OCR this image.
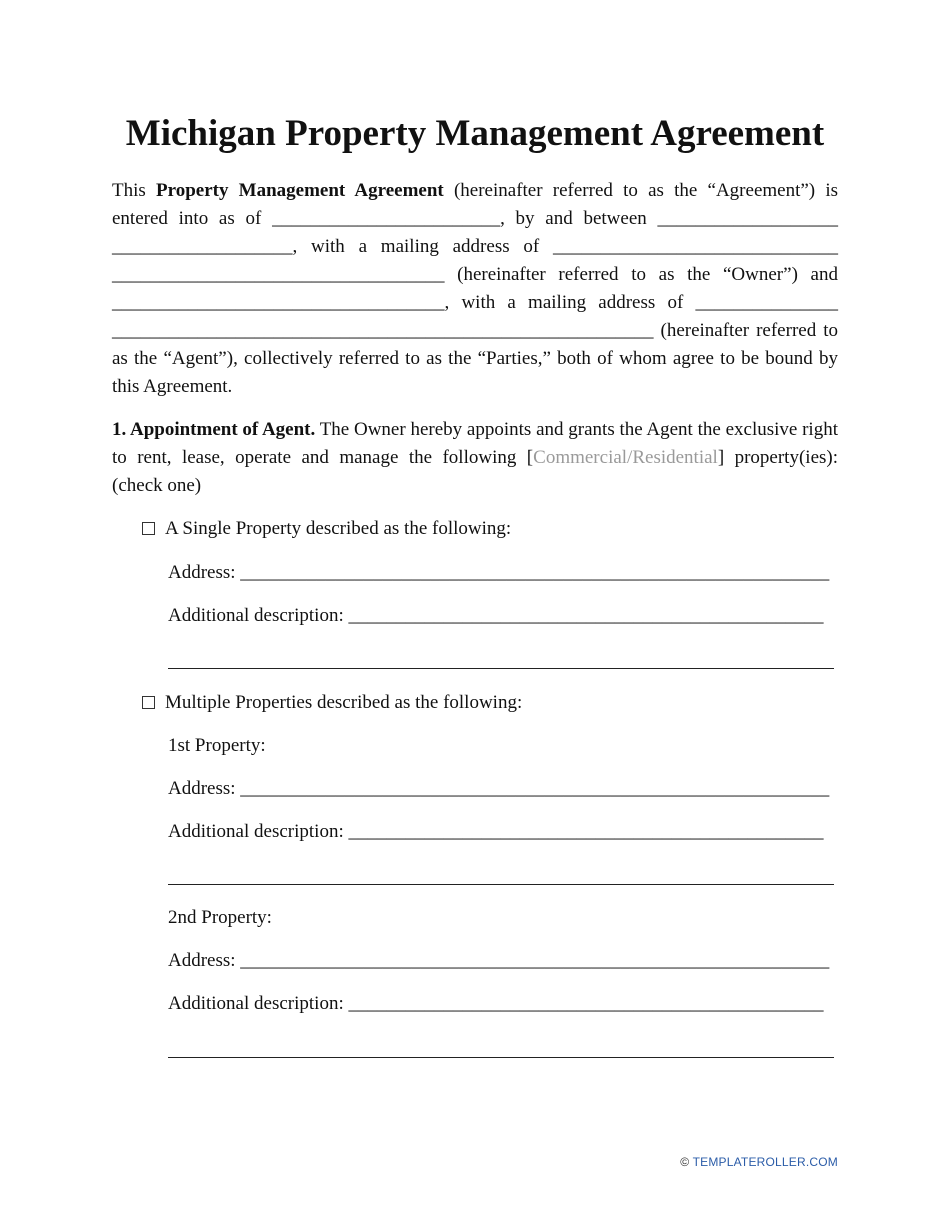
Michigan Property Management Agreement

This Property Management Agreement (hereinafter referred to as the “Agreement”) is entered into as of ________________________, by and between ___________________ ___________________, with a mailing address of ______________________________ ___________________________________ (hereinafter referred to as the “Owner”) and ___________________________________, with a mailing address of _______________ _________________________________________________________ (hereinafter referred to as the “Agent”), collectively referred to as the “Parties,” both of whom agree to be bound by this Agreement.

1. Appointment of Agent. The Owner hereby appoints and grants the Agent the exclusive right to rent, lease, operate and manage the following [Commercial/Residential] property(ies): (check one)

A Single Property described as the following:
Address: ______________________________________________________________
Additional description: __________________________________________________
Multiple Properties described as the following:
1st Property:
Address: ______________________________________________________________
Additional description: __________________________________________________
2nd Property:
Address: ______________________________________________________________
Additional description: __________________________________________________
© TEMPLATEROLLER.COM
